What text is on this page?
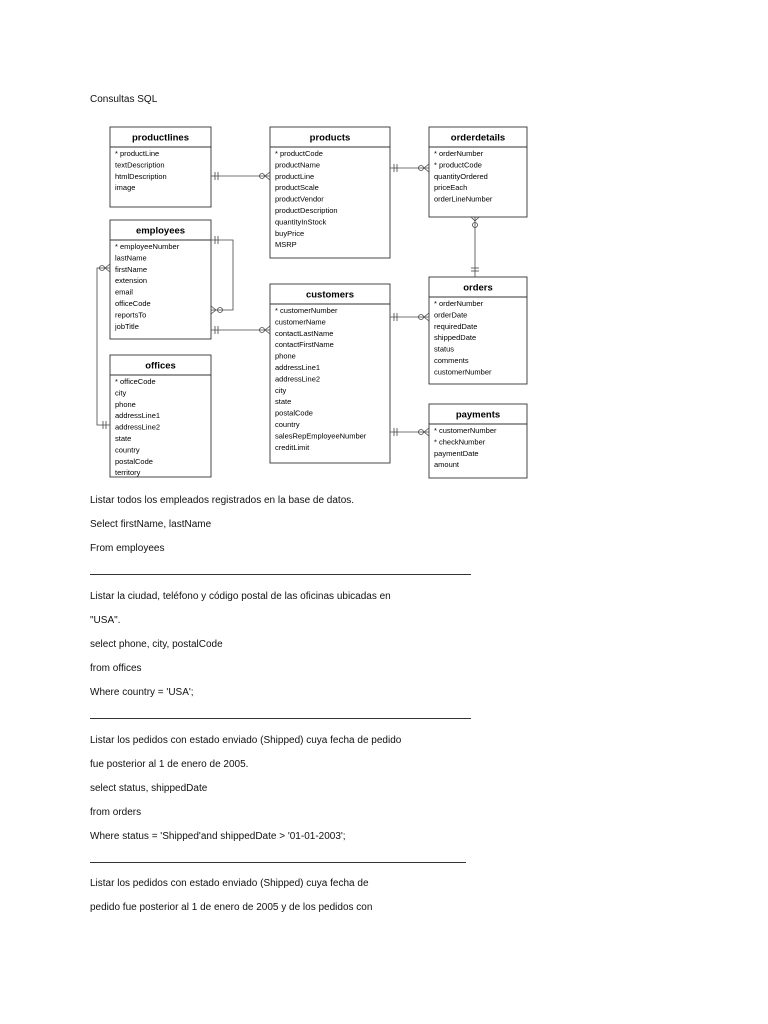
Consultas SQL
productlines
* productLine
textDescription
htmlDescription
image
products
* productCode
productName
productLine
productScale
productVendor
productDescription
quantityInStock
buyPrice
MSRP
orderdetails
* orderNumber
* productCode
quantityOrdered
priceEach
orderLineNumber
employees
* employeeNumber
lastName
firstName
extension
email
officeCode
reportsTo
jobTitle
customers
* customerNumber
customerName
contactLastName
contactFirstName
phone
addressLine1
addressLine2
city
state
postalCode
country
salesRepEmployeeNumber
creditLimit
orders
* orderNumber
orderDate
requiredDate
shippedDate
status
comments
customerNumber
offices
* officeCode
city
phone
addressLine1
addressLine2
state
country
postalCode
territory
payments
* customerNumber
* checkNumber
paymentDate
amount
Listar todos los empleados registrados en la base de datos.
Select firstName, lastName
From employees
Listar la ciudad, teléfono y código postal de las oficinas ubicadas en
"USA".
select phone, city, postalCode
from offices
Where country = 'USA';
Listar los pedidos con estado enviado (Shipped) cuya fecha de pedido
fue posterior al 1 de enero de 2005.
select status, shippedDate
from orders
Where status = 'Shipped'and shippedDate > '01-01-2003';
Listar los pedidos con estado enviado (Shipped) cuya fecha de
pedido fue posterior al 1 de enero de 2005 y de los pedidos con
